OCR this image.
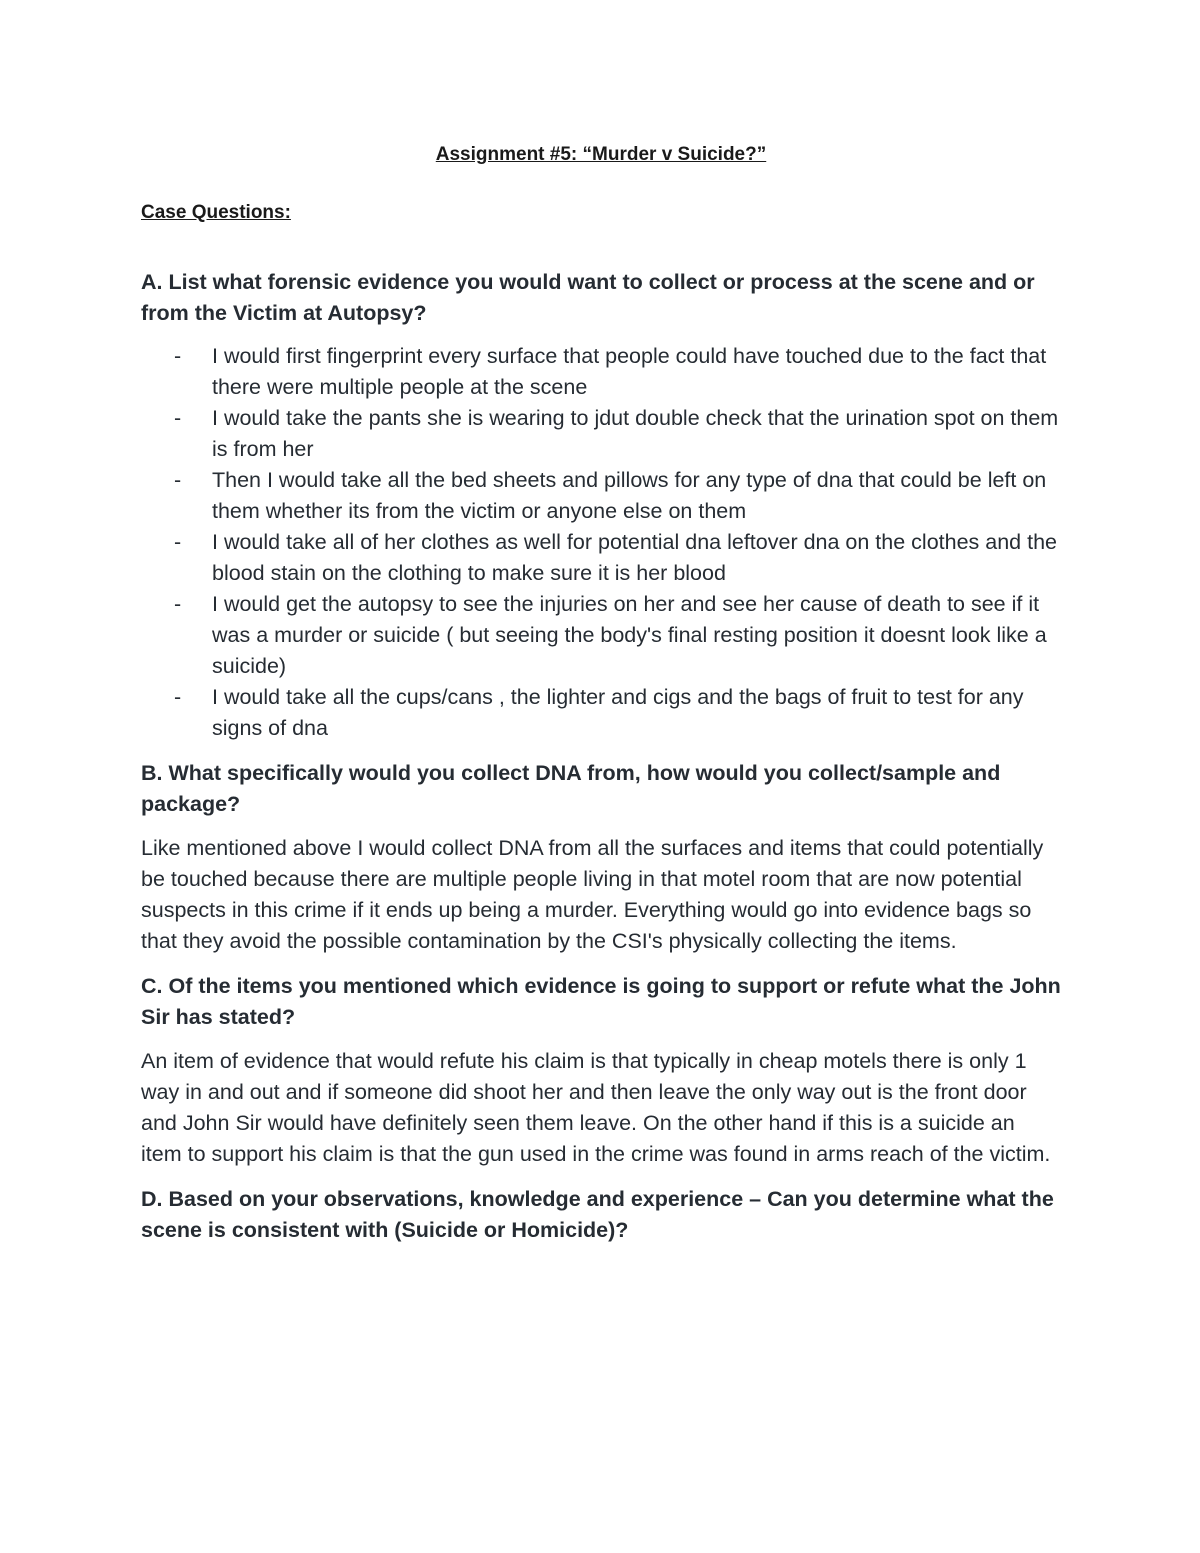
Assignment #5: “Murder v Suicide?”
Case Questions:

A. List what forensic evidence you would want to collect or process at the scene and or from the Victim at Autopsy?

- I would first fingerprint every surface that people could have touched due to the fact that there were multiple people at the scene
- I would take the pants she is wearing to jdut double check that the urination spot on them is from her
- Then I would take all the bed sheets and pillows for any type of dna that could be left on them whether its from the victim or anyone else on them
- I would take all of her clothes as well for potential dna leftover dna on the clothes and the blood stain on the clothing to make sure it is her blood
- I would get the autopsy to see the injuries on her and see her cause of death to see if it was a murder or suicide ( but seeing the body's final resting position it doesnt look like a suicide)
- I would take all the cups/cans , the lighter and cigs and the bags of fruit to test for any signs of dna

B. What specifically would you collect DNA from, how would you collect/sample and package?

Like mentioned above I would collect DNA from all the surfaces and items that could potentially be touched because there are multiple people living in that motel room that are now potential suspects in this crime if it ends up being a murder. Everything would go into evidence bags so that they avoid the possible contamination by the CSI's physically collecting the items.

C. Of the items you mentioned which evidence is going to support or refute what the John Sir has stated?

An item of evidence that would refute his claim is that typically in cheap motels there is only 1 way in and out and if someone did shoot her and then leave the only way out is the front door and John Sir would have definitely seen them leave. On the other hand if this is a suicide an item to support his claim is that the gun used in the crime was found in arms reach of the victim.

D. Based on your observations, knowledge and experience – Can you determine what the scene is consistent with (Suicide or Homicide)?
